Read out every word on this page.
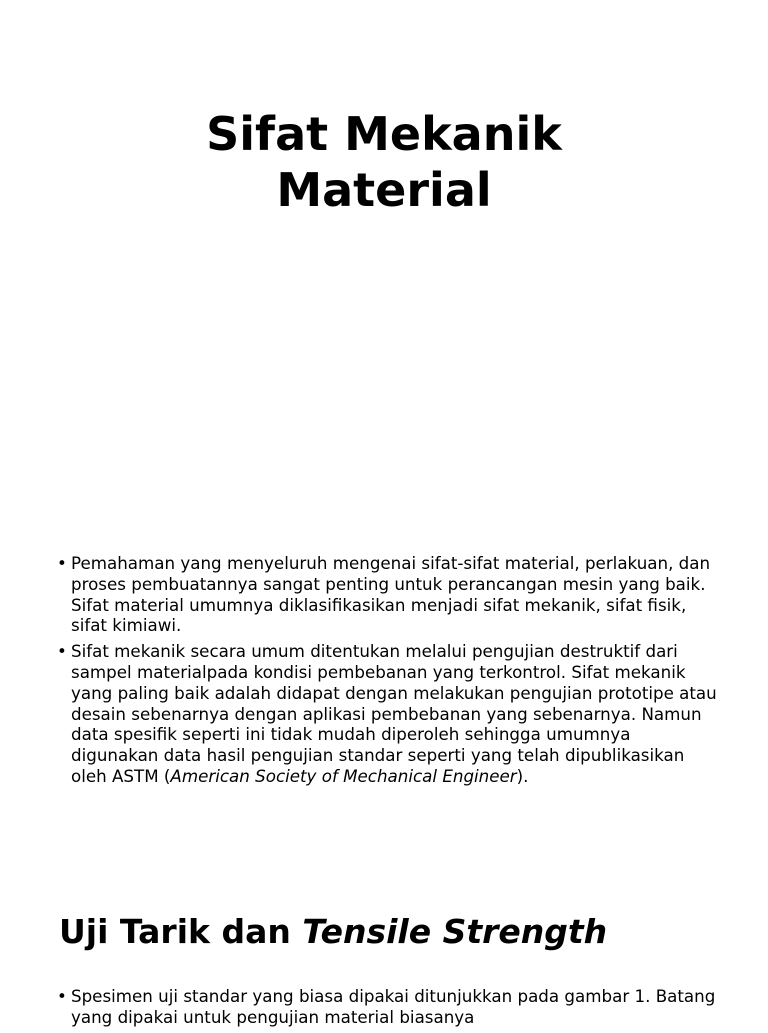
Sifat Mekanik
Material
• Pemahaman yang menyeluruh mengenai sifat-sifat material, perlakuan, dan proses pembuatannya sangat penting untuk perancangan mesin yang baik. Sifat material umumnya diklasifikasikan menjadi sifat mekanik, sifat fisik, sifat kimiawi.
• Sifat mekanik secara umum ditentukan melalui pengujian destruktif dari sampel materialpada kondisi pembebanan yang terkontrol. Sifat mekanik yang paling baik adalah didapat dengan melakukan pengujian prototipe atau desain sebenarnya dengan aplikasi pembebanan yang sebenarnya. Namun data spesifik seperti ini tidak mudah diperoleh sehingga umumnya digunakan data hasil pengujian standar seperti yang telah dipublikasikan oleh ASTM (American Society of Mechanical Engineer).
Uji Tarik dan Tensile Strength
• Spesimen uji standar yang biasa dipakai ditunjukkan pada gambar 1. Batang yang dipakai untuk pengujian material biasanya
